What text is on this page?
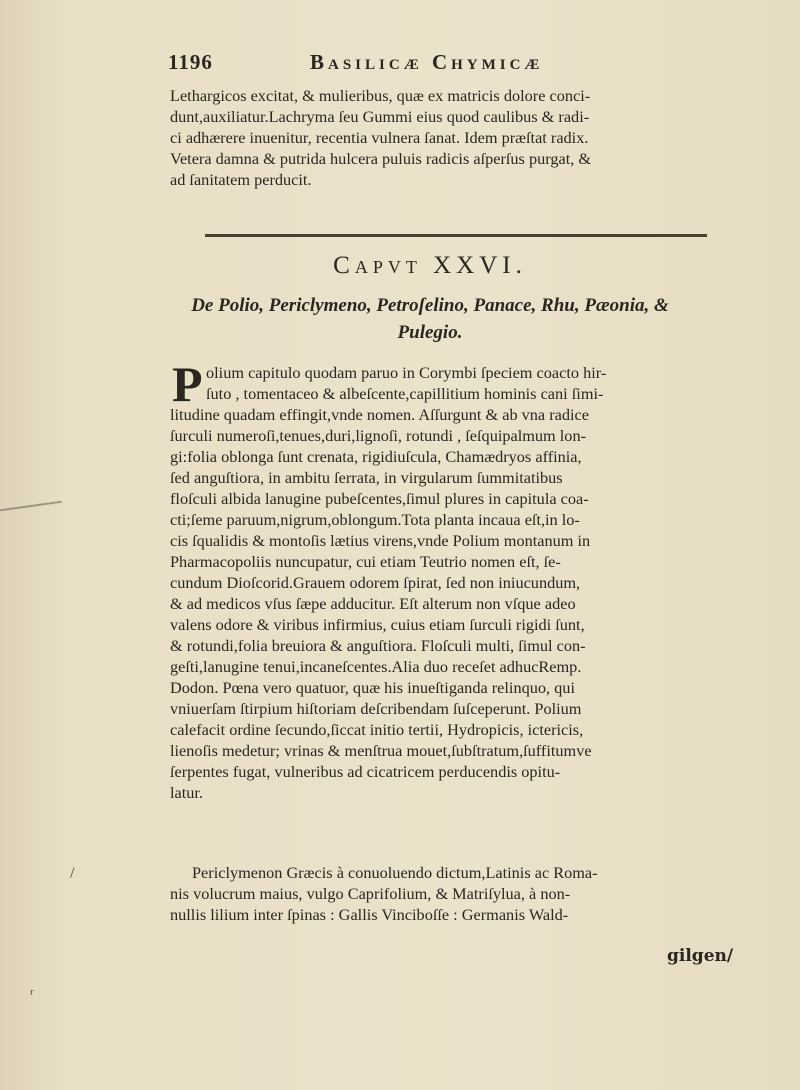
1196	Basilicæ Chymicæ
Lethargicos excitat, & mulieribus, quæ ex matricis dolore conci-
dunt,auxiliatur.Lachryma ſeu Gummi eius quod caulibus & radi-
ci adhærere inuenitur, recentia vulnera ſanat. Idem præſtat radix.
Vetera damna & putrida hulcera puluis radicis aſperſus purgat, &
ad ſanitatem perducit.
Capvt XXVI.
De Polio, Periclymeno, Petroſelino, Panace, Rhu, Pæonia, &
Pulegio.
P olium capitulo quodam paruo in Corymbi ſpeciem coacto hir-
ſuto , tomentaceo & albeſcente,capillitium hominis cani ſimi-
litudine quadam effingit,vnde nomen. Aſſurgunt & ab vna radice
ſurculi numeroſi,tenues,duri,lignoſi, rotundi , ſeſquipalmum lon-
gi:folia oblonga ſunt crenata, rigidiuſcula, Chamædryos affinia,
ſed anguſtiora, in ambitu ſerrata, in virgularum ſummitatibus
floſculi albida lanugine pubeſcentes,ſimul plures in capitula coa-
cti;ſeme paruum,nigrum,oblongum.Tota planta incaua eſt,in lo-
cis ſqualidis & montoſis lætius virens,vnde Polium montanum in
Pharmacopoliis nuncupatur, cui etiam Teutrio nomen eſt, ſe-
cundum Dioſcorid.Grauem odorem ſpirat, ſed non iniucundum,
& ad medicos vſus ſæpe adducitur. Eſt alterum non vſque adeo
valens odore & viribus infirmius, cuius etiam ſurculi rigidi ſunt,
& rotundi,folia breuiora & anguſtiora. Floſculi multi, ſimul con-
geſti,lanugine tenui,incaneſcentes.Alia duo receſet adhucRemp.
Dodon. Pœna vero quatuor, quæ his inueſtiganda relinquo, qui
vniuerſam ſtirpium hiſtoriam deſcribendam ſuſceperunt. Polium
calefacit ordine ſecundo,ſiccat initio tertii, Hydropicis, ictericis,
lienoſis medetur; vrinas & menſtrua mouet,ſubſtratum,ſuffitumve
ſerpentes fugat, vulneribus ad cicatricem perducendis opitu-
latur.
Periclymenon Græcis à conuoluendo dictum,Latinis ac Roma-
nis volucrum maius, vulgo Caprifolium, & Matriſylua, à non-
nullis lilium inter ſpinas : Gallis Vinciboſſe : Germanis Wald-
gilgen/
/
ʳ
